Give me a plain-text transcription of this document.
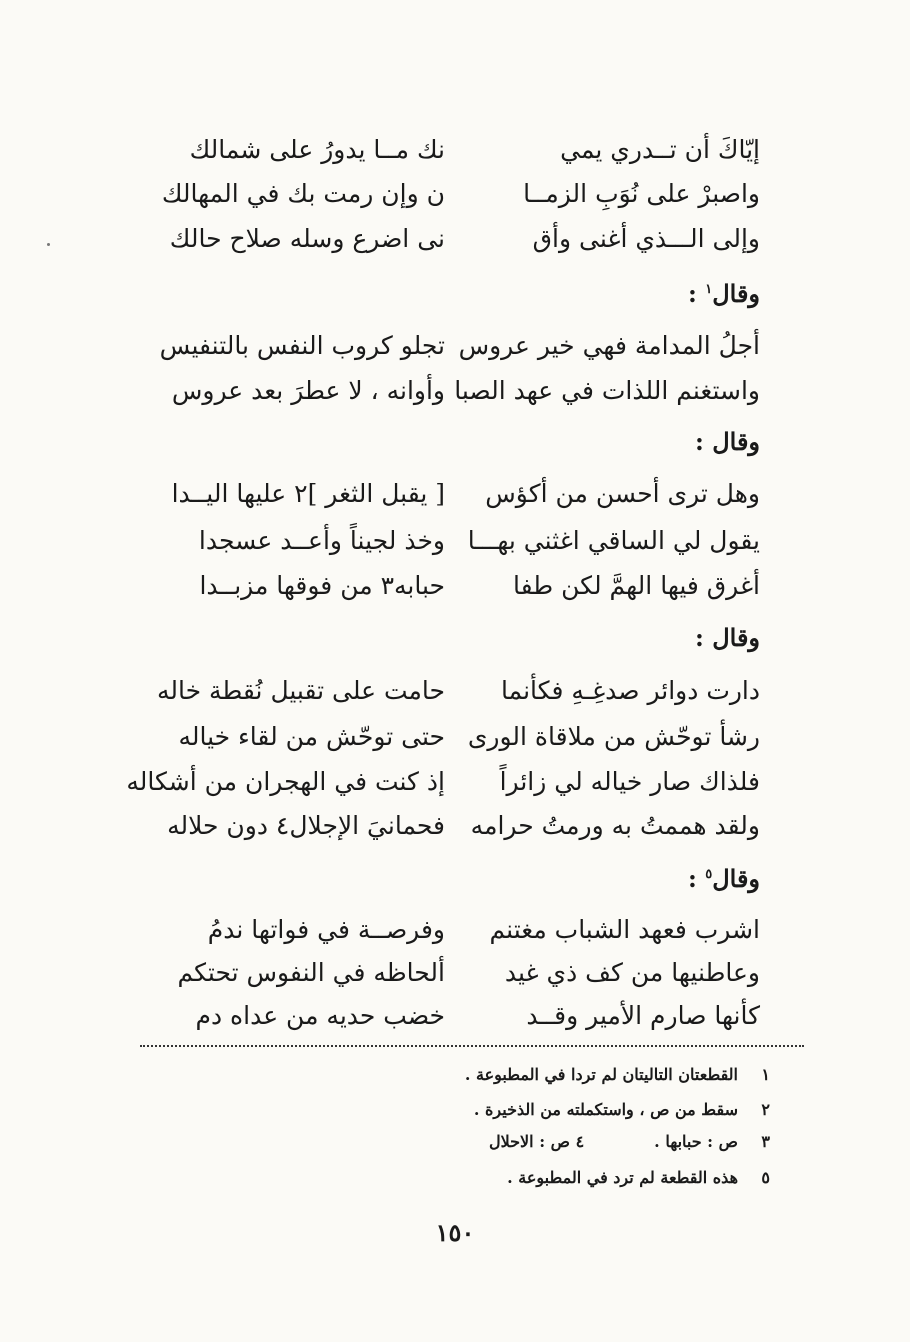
إيّاكَ أن تــدري يمي
نك مــا يدورُ على شمالك
واصبرْ على نُوَبِ الزمــا
ن وإن رمت بك في المهالك
وإلى الـــذي أغنى وأق
نى اضرع وسله صلاح حالك
وقال$^١$ :
أجلُ المدامة فهي خير عروس
تجلو كروب النفس بالتنفيس
واستغنم اللذات في عهد الصبا
وأوانه ، لا عطرَ بعد عروس
وقال :
وهل ترى أحسن من أكؤس
[ يقبل الثغر ]٢ عليها اليــدا
يقول لي الساقي اغثني بهـــا
وخذ لجيناً وأعــد عسجدا
أغرق فيها الهمَّ لكن طفا
حبابه٣ من فوقها مزبــدا
وقال :
دارت دوائر صدغِـهِ فكأنما
حامت على تقبيل نُقطة خاله
رشأ توحّش من ملاقاة الورى
حتى توحّش من لقاء خياله
فلذاك صار خياله لي زائراً
إذ كنت في الهجران من أشكاله
ولقد هممتُ به ورمتُ حرامه
فحمانيَ الإجلال٤ دون حلاله
وقال$^٥$ :
اشرب فعهد الشباب مغتنم
وفرصــة في فواتها ندمُ
وعاطنيها من كف ذي غيد
ألحاظه في النفوس تحتكم
كأنها صارم الأمير وقــد
خضب حديه من عداه دم
١القطعتان التاليتان لم تردا في المطبوعة .
٢سقط من ص ، واستكملته من الذخيرة .
٣ص : حبابها .٤ ص : الاحلال
٥هذه القطعة لم ترد في المطبوعة .
١٥٠
